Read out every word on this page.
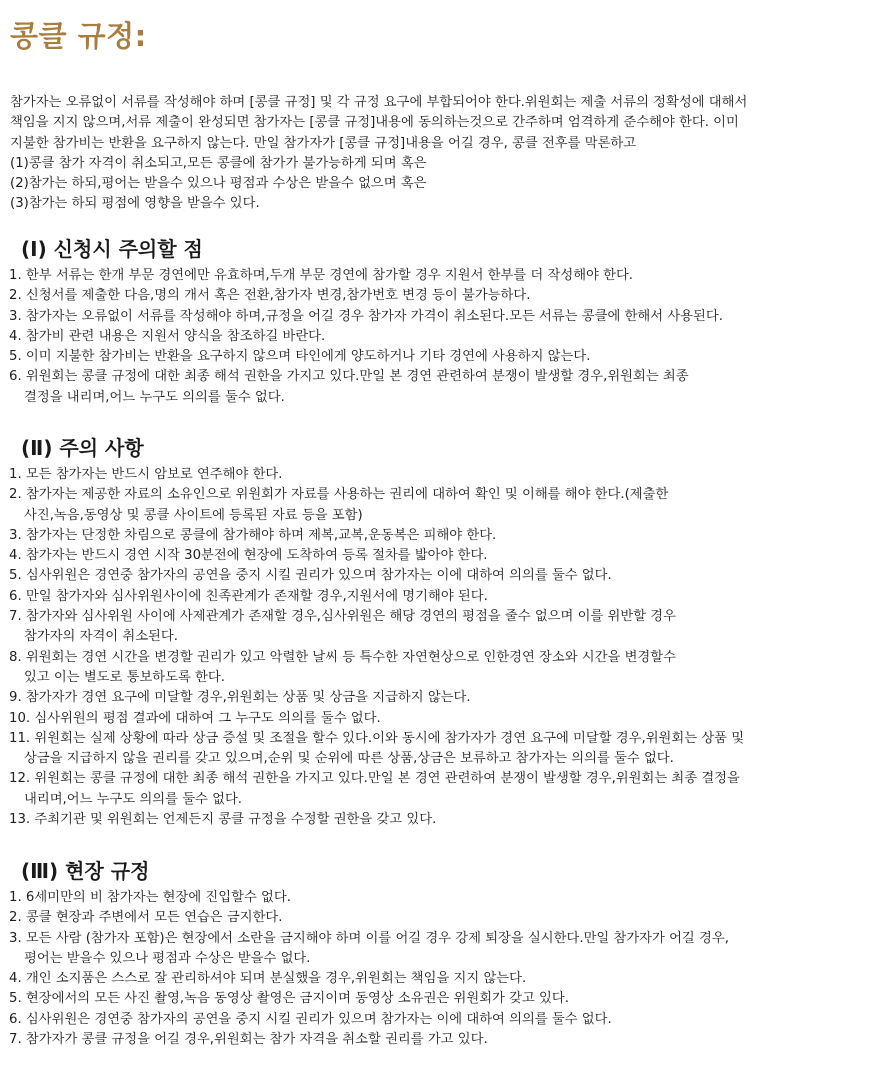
콩클 규정:

참가자는 오류없이 서류를 작성해야 하며 [콩클 규정] 및 각 규정 요구에 부합되어야 한다.위원회는 제출 서류의 정확성에 대해서

책임을 지지 않으며,서류 제출이 완성되면 참가자는 [콩클 규정]내용에 동의하는것으로 간주하며 엄격하게 준수해야 한다. 이미

지불한 참가비는 반환을 요구하지 않는다. 만일 참가자가 [콩클 규정]내용을 어길 경우, 콩클 전후를 막론하고

(1)콩클 참가 자격이 취소되고,모든 콩클에 참가가 불가능하게 되며 혹은

(2)참가는 하되,평어는 받을수 있으나 평점과 수상은 받을수 없으며 혹은

(3)참가는 하되 평점에 영향을 받을수 있다.

(Ⅰ) 신청시 주의할 점

1. 한부 서류는 한개 부문 경연에만 유효하며,두개 부문 경연에 참가할 경우 지원서 한부를 더 작성해야 한다.

2. 신청서를 제출한 다음,명의 개서 혹은 전환,참가자 변경,참가번호 변경 등이 불가능하다.

3. 참가자는 오류없이 서류를 작성해야 하며,규정을 어길 경우 참가자 가격이 취소된다.모든 서류는 콩클에 한해서 사용된다.

4. 참가비 관련 내용은 지원서 양식을 참조하길 바란다.

5. 이미 지불한 참가비는 반환을 요구하지 않으며 타인에게 양도하거나 기타 경연에 사용하지 않는다.

6. 위원회는 콩클 규정에 대한 최종 해석 권한을 가지고 있다.만일 본 경연 관련하여 분쟁이 발생할 경우,위원회는 최종

결정을 내리며,어느 누구도 의의를 둘수 없다.

(Ⅱ) 주의 사항

1. 모든 참가자는 반드시 암보로 연주해야 한다.

2. 참가자는 제공한 자료의 소유인으로 위원회가 자료를 사용하는 권리에 대하여 확인 및 이해를 해야 한다.(제출한

사진,녹음,동영상 및 콩클 사이트에 등록된 자료 등을 포함)

3. 참가자는 단정한 차림으로 콩클에 참가해야 하며 제복,교복,운동복은 피해야 한다.

4. 참가자는 반드시 경연 시작 30분전에 현장에 도착하여 등록 절차를 밟아야 한다.

5. 심사위원은 경연중 참가자의 공연을 중지 시킬 권리가 있으며 참가자는 이에 대하여 의의를 둘수 없다.

6. 만일 참가자와 심사위원사이에 친족관계가 존재할 경우,지원서에 명기해야 된다.

7. 참가자와 심사위원 사이에 사제관계가 존재할 경우,심사위원은 해당 경연의 평점을 줄수 없으며 이를 위반할 경우

참가자의 자격이 취소된다.

8. 위원회는 경연 시간을 변경할 권리가 있고 악렬한 날씨 등 특수한 자연현상으로 인한경연 장소와 시간을 변경할수

있고 이는 별도로 통보하도록 한다.

9. 참가자가 경연 요구에 미달할 경우,위원회는 상품 및 상금을 지급하지 않는다.

10. 심사위원의 평점 결과에 대하여 그 누구도 의의를 둘수 없다.

11. 위원회는 실제 상황에 따라 상금 증설 및 조절을 할수 있다.이와 동시에 참가자가 경연 요구에 미달할 경우,위원회는 상품 및

상금을 지급하지 않을 권리를 갖고 있으며,순위 및 순위에 따른 상품,상금은 보류하고 참가자는 의의를 둘수 없다.

12. 위원회는 콩클 규정에 대한 최종 해석 권한을 가지고 있다.만일 본 경연 관련하여 분쟁이 발생할 경우,위원회는 최종 결정을

내리며,어느 누구도 의의를 둘수 없다.

13. 주최기관 및 위원회는 언제든지 콩클 규정을 수정할 권한을 갖고 있다.

(Ⅲ) 현장 규정

1. 6세미만의 비 참가자는 현장에 진입할수 없다.

2. 콩클 현장과 주변에서 모든 연습은 금지한다.

3. 모든 사람 (참가자 포함)은 현장에서 소란을 금지해야 하며 이를 어길 경우 강제 퇴장을 실시한다.만일 참가자가 어길 경우,

평어는 받을수 있으나 평점과 수상은 받을수 없다.

4. 개인 소지품은 스스로 잘 관리하셔야 되며 분실했을 경우,위원회는 책임을 지지 않는다.

5. 현장에서의 모든 사진 촬영,녹음 동영상 촬영은 금지이며 동영상 소유권은 위원회가 갖고 있다.

6. 심사위원은 경연중 참가자의 공연을 중지 시킬 권리가 있으며 참가자는 이에 대하여 의의를 둘수 없다.

7. 참가자가 콩클 규정을 어길 경우,위원회는 참가 자격을 취소할 권리를 가고 있다.
